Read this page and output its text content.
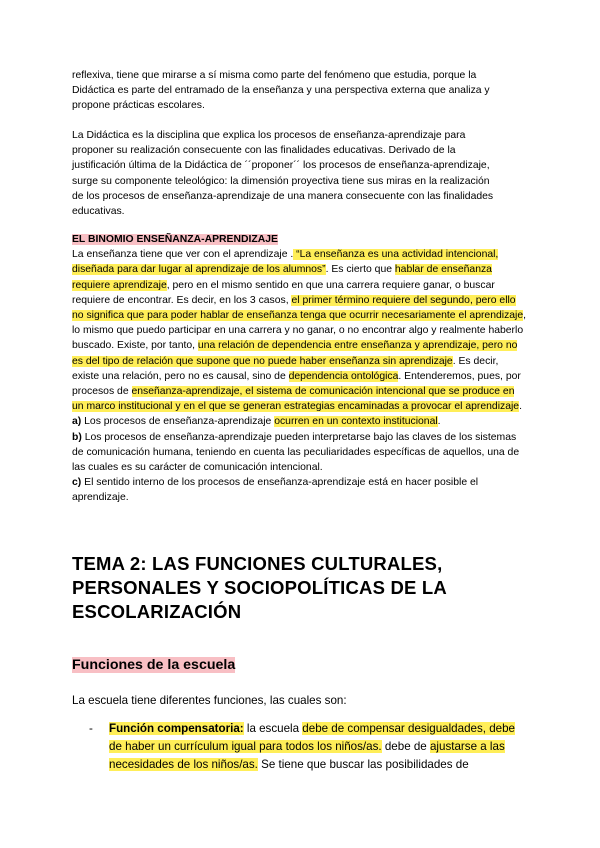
reflexiva, tiene que mirarse a sí misma como parte del fenómeno que estudia, porque la
Didáctica es parte del entramado de la enseñanza y una perspectiva externa que analiza y
propone prácticas escolares.
La Didáctica es la disciplina que explica los procesos de enseñanza-aprendizaje para
proponer su realización consecuente con las finalidades educativas. Derivado de la
justificación última de la Didáctica de ´´proponer´´ los procesos de enseñanza-aprendizaje,
surge su componente teleológico: la dimensión proyectiva tiene sus miras en la realización
de los procesos de enseñanza-aprendizaje de una manera consecuente con las finalidades
educativas.
EL BINOMIO ENSEÑANZA-APRENDIZAJE
La enseñanza tiene que ver con el aprendizaje . “La enseñanza es una actividad intencional, diseñada para dar lugar al aprendizaje de los alumnos”. Es cierto que hablar de enseñanza requiere aprendizaje, pero en el mismo sentido en que una carrera requiere ganar, o buscar requiere de encontrar. Es decir, en los 3 casos, el primer término requiere del segundo, pero ello no significa que para poder hablar de enseñanza tenga que ocurrir necesariamente el aprendizaje, lo mismo que puedo participar en una carrera y no ganar, o no encontrar algo y realmente haberlo buscado. Existe, por tanto, una relación de dependencia entre enseñanza y aprendizaje, pero no es del tipo de relación que supone que no puede haber enseñanza sin aprendizaje. Es decir, existe una relación, pero no es causal, sino de dependencia ontológica. Entenderemos, pues, por procesos de enseñanza-aprendizaje, el sistema de comunicación intencional que se produce en un marco institucional y en el que se generan estrategias encaminadas a provocar el aprendizaje.
a) Los procesos de enseñanza-aprendizaje ocurren en un contexto institucional.
b) Los procesos de enseñanza-aprendizaje pueden interpretarse bajo las claves de los sistemas de comunicación humana, teniendo en cuenta las peculiaridades específicas de aquellos, una de las cuales es su carácter de comunicación intencional.
c) El sentido interno de los procesos de enseñanza-aprendizaje está en hacer posible el aprendizaje.
TEMA 2: LAS FUNCIONES CULTURALES,
PERSONALES Y SOCIOPOLÍTICAS DE LA
ESCOLARIZACIÓN
Funciones de la escuela
La escuela tiene diferentes funciones, las cuales son:
- Función compensatoria: la escuela debe de compensar desigualdades, debe de haber un currículum igual para todos los niños/as. debe de ajustarse a las necesidades de los niños/as. Se tiene que buscar las posibilidades de
